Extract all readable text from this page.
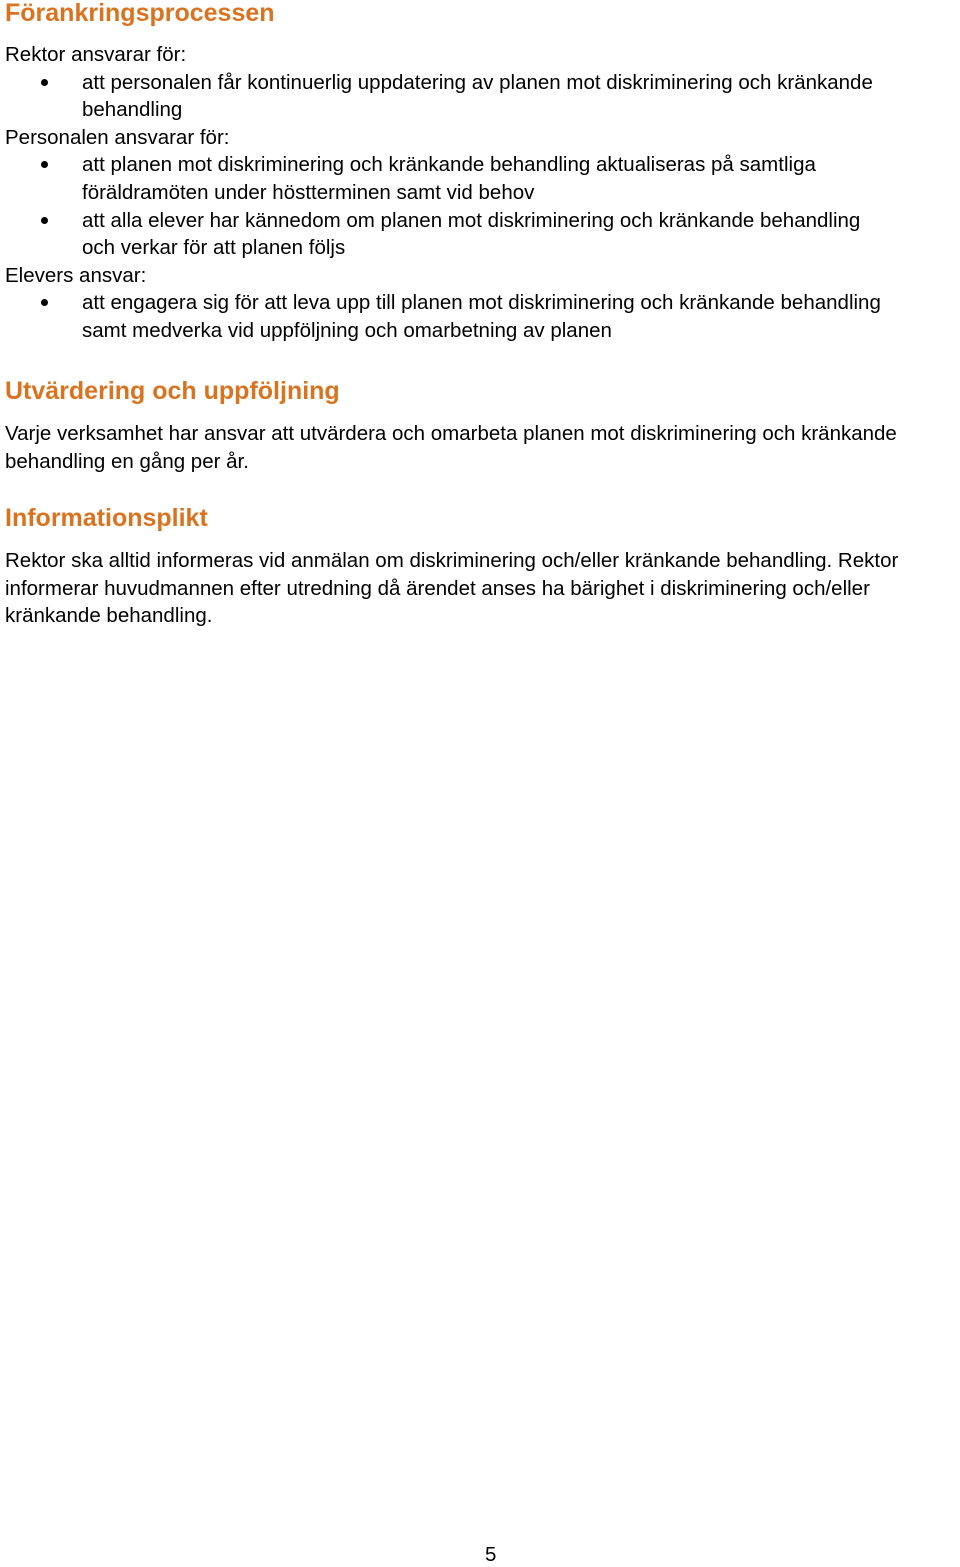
Förankringsprocessen

Rektor ansvarar för:

att personalen får kontinuerlig uppdatering av planen mot diskriminering och kränkande behandling

Personalen ansvarar för:

att planen mot diskriminering och kränkande behandling aktualiseras på samtliga föräldramöten under höstterminen samt vid behov
att alla elever har kännedom om planen mot diskriminering och kränkande behandling och verkar för att planen följs

Elevers ansvar:

att engagera sig för att leva upp till planen mot diskriminering och kränkande behandling samt medverka vid uppföljning och omarbetning av planen
Utvärdering och uppföljning

Varje verksamhet har ansvar att utvärdera och omarbeta planen mot diskriminering och kränkande behandling en gång per år.

Informationsplikt

Rektor ska alltid informeras vid anmälan om diskriminering och/eller kränkande behandling. Rektor informerar huvudmannen efter utredning då ärendet anses ha bärighet i diskriminering och/eller kränkande behandling.

5
